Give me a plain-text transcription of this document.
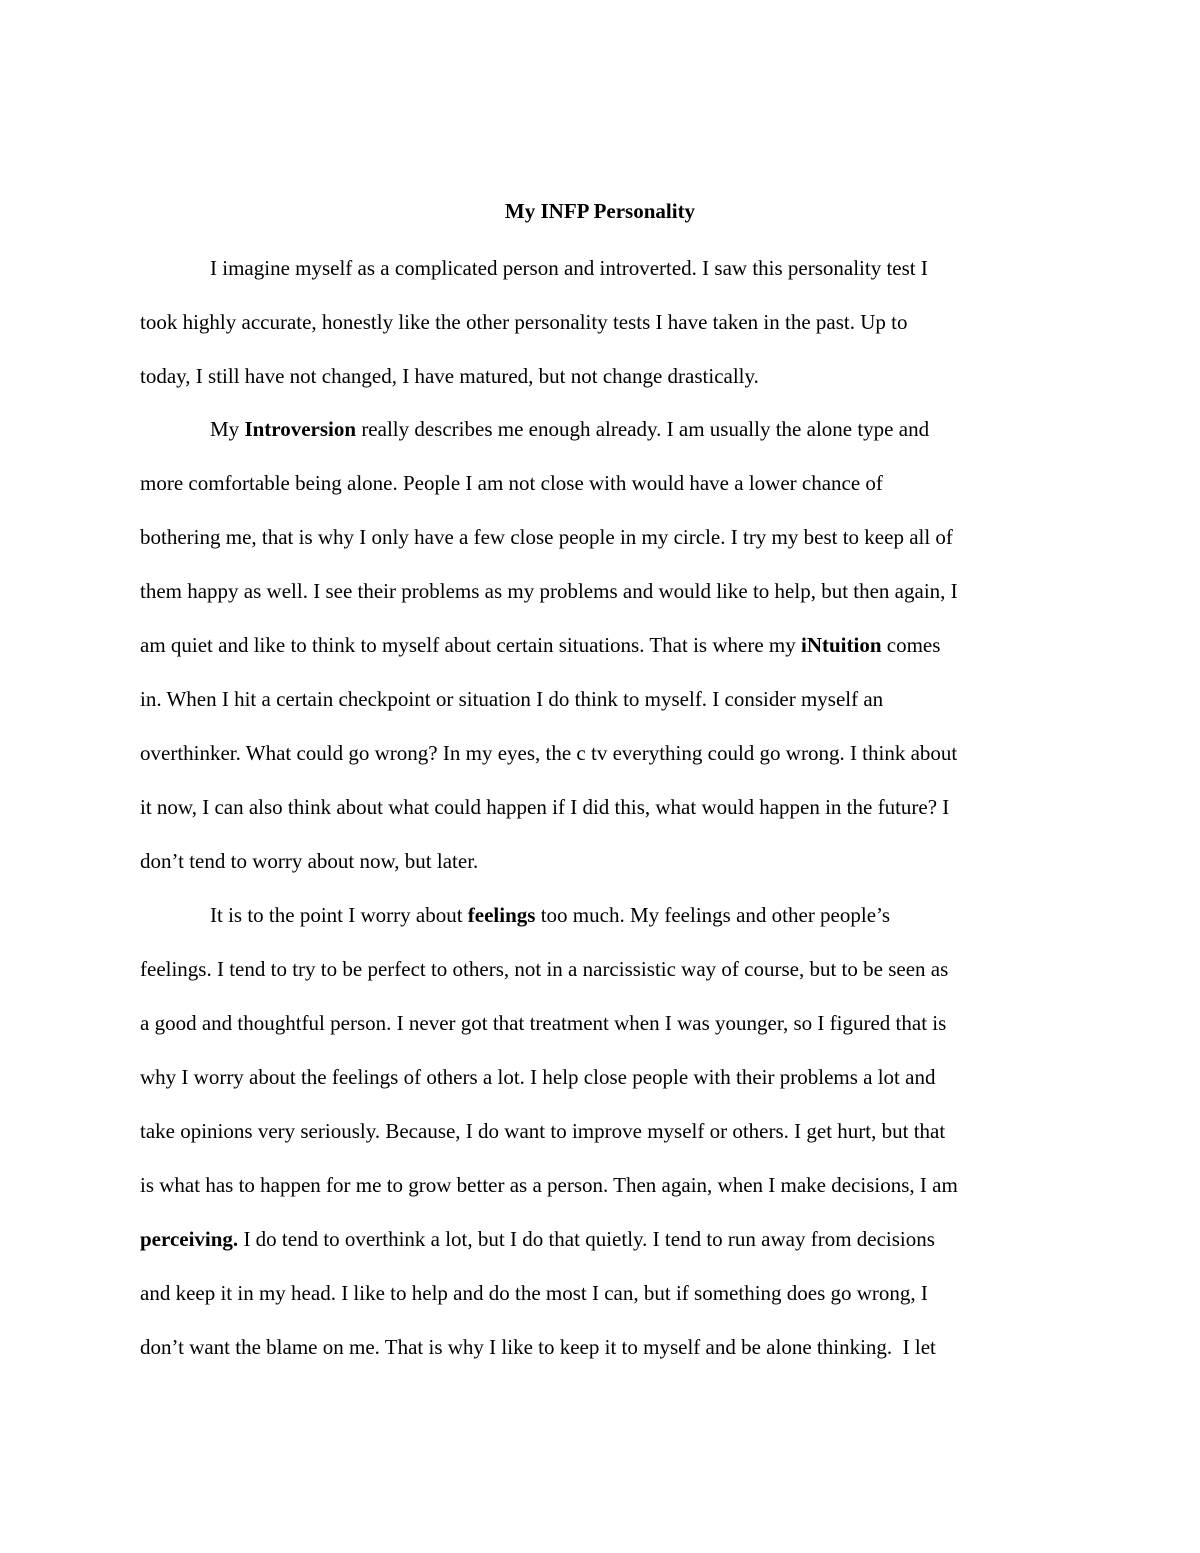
My INFP Personality

I imagine myself as a complicated person and introverted. I saw this personality test I

took highly accurate, honestly like the other personality tests I have taken in the past. Up to

today, I still have not changed, I have matured, but not change drastically.

My Introversion really describes me enough already. I am usually the alone type and

more comfortable being alone. People I am not close with would have a lower chance of

bothering me, that is why I only have a few close people in my circle. I try my best to keep all of

them happy as well. I see their problems as my problems and would like to help, but then again, I

am quiet and like to think to myself about certain situations. That is where my iNtuition comes

in. When I hit a certain checkpoint or situation I do think to myself. I consider myself an

overthinker. What could go wrong? In my eyes, the c tv everything could go wrong. I think about

it now, I can also think about what could happen if I did this, what would happen in the future? I

don’t tend to worry about now, but later.

It is to the point I worry about feelings too much. My feelings and other people’s

feelings. I tend to try to be perfect to others, not in a narcissistic way of course, but to be seen as

a good and thoughtful person. I never got that treatment when I was younger, so I figured that is

why I worry about the feelings of others a lot. I help close people with their problems a lot and

take opinions very seriously. Because, I do want to improve myself or others. I get hurt, but that

is what has to happen for me to grow better as a person. Then again, when I make decisions, I am

perceiving. I do tend to overthink a lot, but I do that quietly. I tend to run away from decisions

and keep it in my head. I like to help and do the most I can, but if something does go wrong, I

don’t want the blame on me. That is why I like to keep it to myself and be alone thinking.  I let
